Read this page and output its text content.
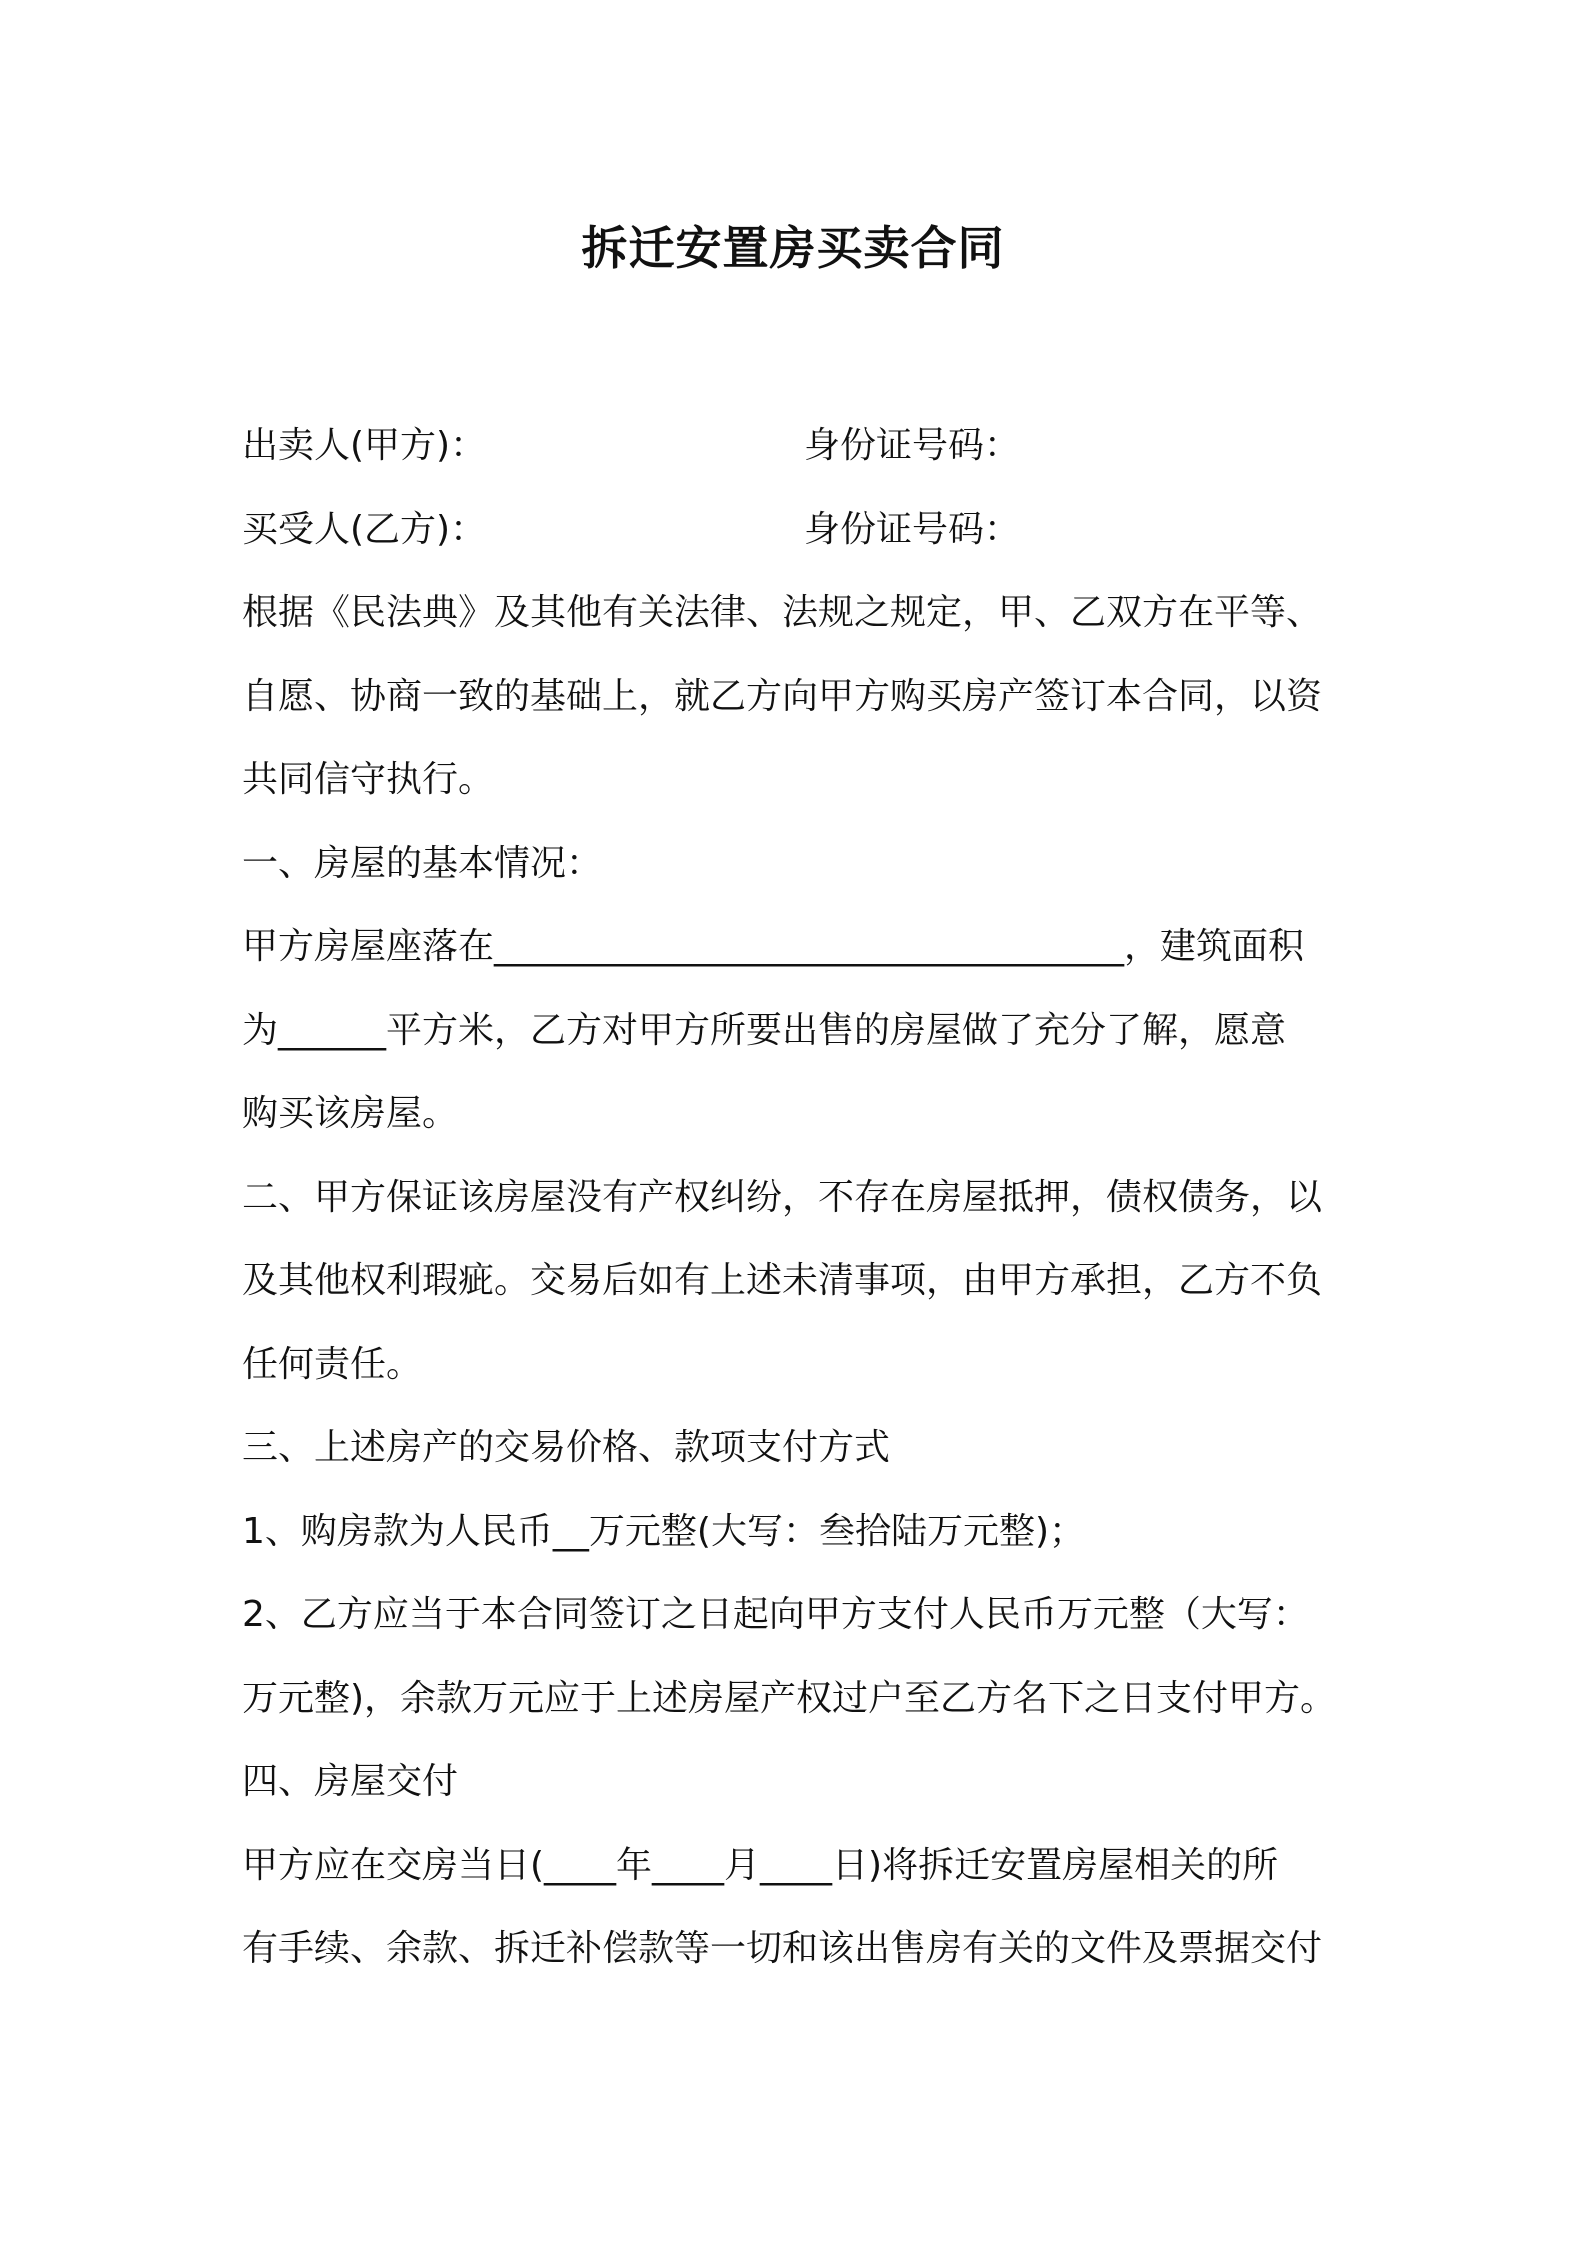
拆迁安置房买卖合同
出卖人(甲方)：	身份证号码：
买受人(乙方)：	身份证号码：
根据《民法典》及其他有关法律、法规之规定，甲、乙双方在平等、
自愿、协商一致的基础上，就乙方向甲方购买房产签订本合同，以资
共同信守执行。
一、房屋的基本情况：
甲方房屋座落在___________________________________，建筑面积
为______平方米，乙方对甲方所要出售的房屋做了充分了解，愿意
购买该房屋。
二、甲方保证该房屋没有产权纠纷，不存在房屋抵押，债权债务，以
及其他权利瑕疵。交易后如有上述未清事项，由甲方承担，乙方不负
任何责任。
三、上述房产的交易价格、款项支付方式
1、购房款为人民币__万元整(大写：叁拾陆万元整)；
2、乙方应当于本合同签订之日起向甲方支付人民币万元整（大写：
万元整)，余款万元应于上述房屋产权过户至乙方名下之日支付甲方。
四、房屋交付
甲方应在交房当日(____年____月____日)将拆迁安置房屋相关的所
有手续、余款、拆迁补偿款等一切和该出售房有关的文件及票据交付
